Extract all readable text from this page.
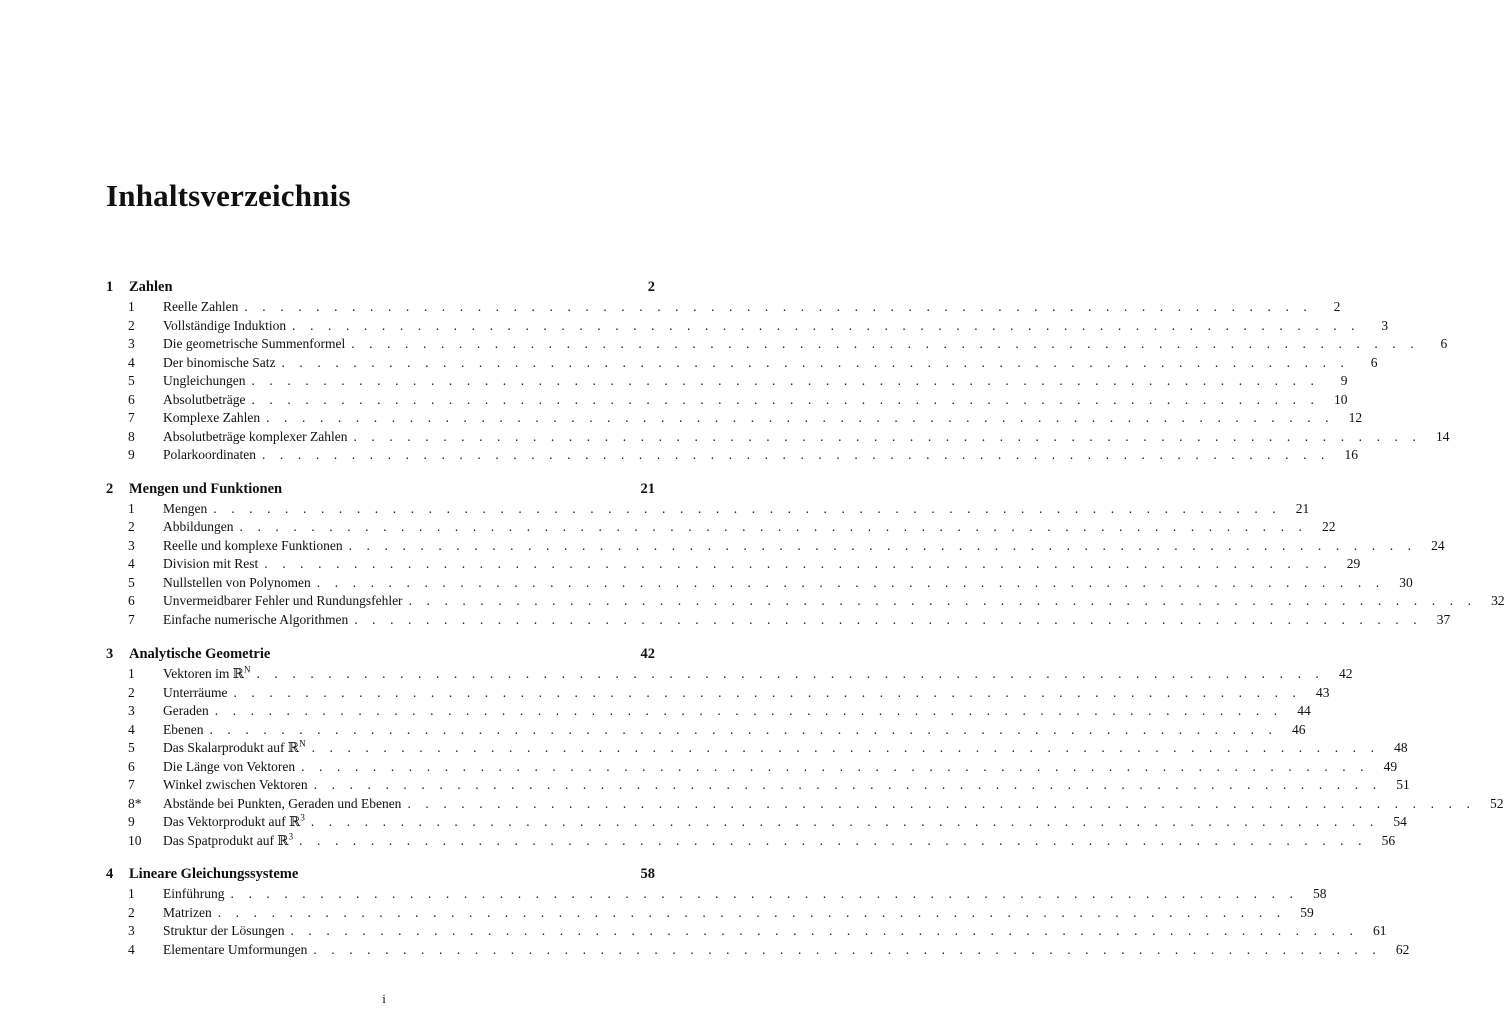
Inhaltsverzeichnis
1	Zahlen	2
1	Reelle Zahlen . . . . . . . . . . . . . . . . . . . . . . . . . . . . . . . . . . . . . . . . . . . . . . . . . . . . . . . . . . . .	2
2	Vollständige Induktion . . . . . . . . . . . . . . . . . . . . . . . . . . . . . . . . . . . . . . . . . . . . . . . . . . . . . . . . . . . .	3
3	Die geometrische Summenformel . . . . . . . . . . . . . . . . . . . . . . . . . . . . . . . . . . . . . . . . . . . . . . . . . . . . . . . . . . . .	6
4	Der binomische Satz . . . . . . . . . . . . . . . . . . . . . . . . . . . . . . . . . . . . . . . . . . . . . . . . . . . . . . . . . . . .	6
5	Ungleichungen . . . . . . . . . . . . . . . . . . . . . . . . . . . . . . . . . . . . . . . . . . . . . . . . . . . . . . . . . . . .	9
6	Absolutbeträge . . . . . . . . . . . . . . . . . . . . . . . . . . . . . . . . . . . . . . . . . . . . . . . . . . . . . . . . . . . .	10
7	Komplexe Zahlen . . . . . . . . . . . . . . . . . . . . . . . . . . . . . . . . . . . . . . . . . . . . . . . . . . . . . . . . . . . .	12
8	Absolutbeträge komplexer Zahlen . . . . . . . . . . . . . . . . . . . . . . . . . . . . . . . . . . . . . . . . . . . . . . . . . . . . . . . . . . . .	14
9	Polarkoordinaten . . . . . . . . . . . . . . . . . . . . . . . . . . . . . . . . . . . . . . . . . . . . . . . . . . . . . . . . . . . .	16
2	Mengen und Funktionen	21
1	Mengen . . . . . . . . . . . . . . . . . . . . . . . . . . . . . . . . . . . . . . . . . . . . . . . . . . . . . . . . . . . .	21
2	Abbildungen . . . . . . . . . . . . . . . . . . . . . . . . . . . . . . . . . . . . . . . . . . . . . . . . . . . . . . . . . . . .	22
3	Reelle und komplexe Funktionen . . . . . . . . . . . . . . . . . . . . . . . . . . . . . . . . . . . . . . . . . . . . . . . . . . . . . . . . . . . .	24
4	Division mit Rest . . . . . . . . . . . . . . . . . . . . . . . . . . . . . . . . . . . . . . . . . . . . . . . . . . . . . . . . . . . .	29
5	Nullstellen von Polynomen . . . . . . . . . . . . . . . . . . . . . . . . . . . . . . . . . . . . . . . . . . . . . . . . . . . . . . . . . . . .	30
6	Unvermeidbarer Fehler und Rundungsfehler . . . . . . . . . . . . . . . . . . . . . . . . . . . . . . . . . . . . . . . . . . . . . . . . . . . . . . . . . . . .	32
7	Einfache numerische Algorithmen . . . . . . . . . . . . . . . . . . . . . . . . . . . . . . . . . . . . . . . . . . . . . . . . . . . . . . . . . . . .	37
3	Analytische Geometrie	42
1	Vektoren im ℝ$^N$ . . . . . . . . . . . . . . . . . . . . . . . . . . . . . . . . . . . . . . . . . . . . . . . . . . . . . . . . . . . .	42
2	Unterräume . . . . . . . . . . . . . . . . . . . . . . . . . . . . . . . . . . . . . . . . . . . . . . . . . . . . . . . . . . . .	43
3	Geraden . . . . . . . . . . . . . . . . . . . . . . . . . . . . . . . . . . . . . . . . . . . . . . . . . . . . . . . . . . . .	44
4	Ebenen . . . . . . . . . . . . . . . . . . . . . . . . . . . . . . . . . . . . . . . . . . . . . . . . . . . . . . . . . . . .	46
5	Das Skalarprodukt auf ℝ$^N$ . . . . . . . . . . . . . . . . . . . . . . . . . . . . . . . . . . . . . . . . . . . . . . . . . . . . . . . . . . . .	48
6	Die Länge von Vektoren . . . . . . . . . . . . . . . . . . . . . . . . . . . . . . . . . . . . . . . . . . . . . . . . . . . . . . . . . . . .	49
7	Winkel zwischen Vektoren . . . . . . . . . . . . . . . . . . . . . . . . . . . . . . . . . . . . . . . . . . . . . . . . . . . . . . . . . . . .	51
8*	Abstände bei Punkten, Geraden und Ebenen . . . . . . . . . . . . . . . . . . . . . . . . . . . . . . . . . . . . . . . . . . . . . . . . . . . . . . . . . . . .	52
9	Das Vektorprodukt auf ℝ$^3$ . . . . . . . . . . . . . . . . . . . . . . . . . . . . . . . . . . . . . . . . . . . . . . . . . . . . . . . . . . . .	54
10	Das Spatprodukt auf ℝ$^3$ . . . . . . . . . . . . . . . . . . . . . . . . . . . . . . . . . . . . . . . . . . . . . . . . . . . . . . . . . . . .	56
4	Lineare Gleichungssysteme	58
1	Einführung . . . . . . . . . . . . . . . . . . . . . . . . . . . . . . . . . . . . . . . . . . . . . . . . . . . . . . . . . . . .	58
2	Matrizen . . . . . . . . . . . . . . . . . . . . . . . . . . . . . . . . . . . . . . . . . . . . . . . . . . . . . . . . . . . .	59
3	Struktur der Lösungen . . . . . . . . . . . . . . . . . . . . . . . . . . . . . . . . . . . . . . . . . . . . . . . . . . . . . . . . . . . .	61
4	Elementare Umformungen . . . . . . . . . . . . . . . . . . . . . . . . . . . . . . . . . . . . . . . . . . . . . . . . . . . . . . . . . . . .	62
i
